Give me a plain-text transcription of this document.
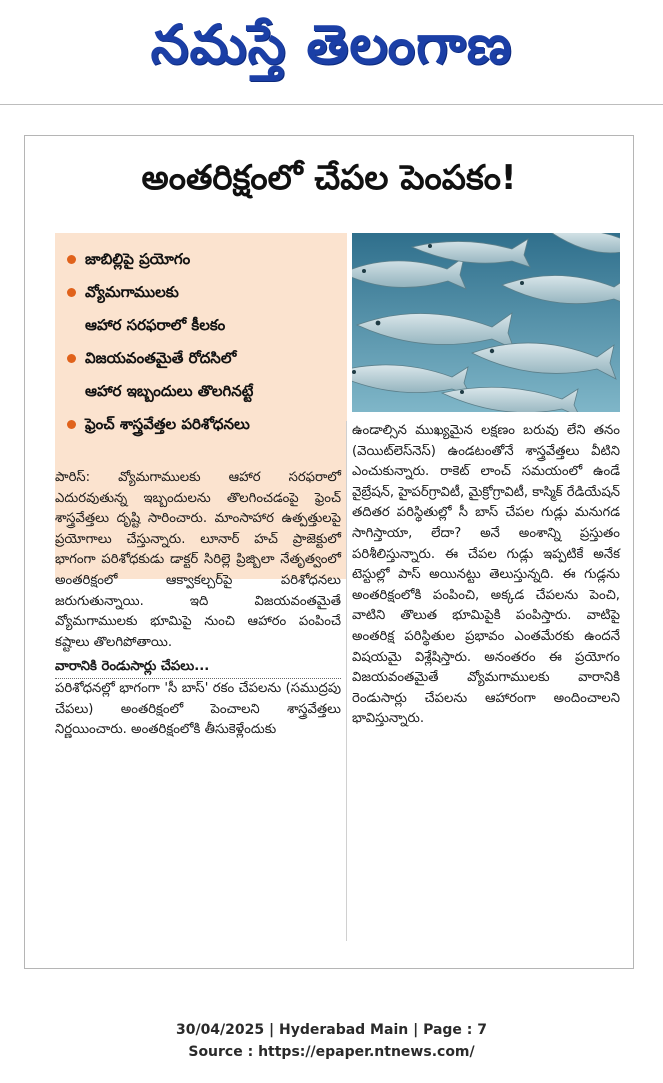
నమస్తే తెలంగాణ
అంతరిక్షంలో చేపల పెంపకం!
జాబిల్లిపై ప్రయోగం
వ్యోమగాములకు
ఆహార సరఫరాలో కీలకం
విజయవంతమైతే రోదసిలో
ఆహార ఇబ్బందులు తొలగినట్టే
ఫ్రెంచ్ శాస్త్రవేత్తల పరిశోధనలు

పారిస్: వ్యోమగాములకు ఆహార సరఫరాలో ఎదురవుతున్న ఇబ్బందులను తొలగించడంపై ఫ్రెంచ్ శాస్త్రవేత్తలు దృష్టి సారించారు. మాంసాహార ఉత్పత్తులపై ప్రయోగాలు చేస్తున్నారు. లూనార్ హచ్ ప్రాజెక్టులో భాగంగా పరిశోధకుడు డాక్టర్ సిరిల్లె ప్రిజ్బిలా నేతృత్వంలో అంతరిక్షంలో ఆక్వాకల్చర్‌పై పరిశోధనలు జరుగుతున్నాయి. ఇది విజయవంతమైతే వ్యోమగాములకు భూమిపై నుంచి ఆహారం పంపించే కష్టాలు తొలగిపోతాయి.

వారానికి రెండుసార్లు చేపలు...

పరిశోధనల్లో భాగంగా 'సీ బాస్' రకం చేపలను (సముద్రపు చేపలు) అంతరిక్షంలో పెంచాలని శాస్త్రవేత్తలు నిర్ణయించారు. అంతరిక్షంలోకి తీసుకెళ్లేందుకు

ఉండాల్సిన ముఖ్యమైన లక్షణం బరువు లేని తనం (వెయిట్‌లెస్‌నెస్) ఉండటంతోనే శాస్త్రవేత్తలు వీటిని ఎంచుకున్నారు. రాకెట్ లాంచ్ సమయంలో ఉండే వైబ్రేషన్, హైపర్‌గ్రావిటీ, మైక్రోగ్రావిటీ, కాస్మిక్ రేడియేషన్ తదితర పరిస్థితుల్లో సీ బాస్ చేపల గుడ్లు మనుగడ సాగిస్తాయా, లేదా? అనే అంశాన్ని ప్రస్తుతం పరిశీలిస్తున్నారు. ఈ చేపల గుడ్లు ఇప్పటికే అనేక టెస్టుల్లో పాస్ అయినట్టు తెలుస్తున్నది. ఈ గుడ్లను అంతరిక్షంలోకి పంపించి, అక్కడ చేపలను పెంచి, వాటిని తొలుత భూమిపైకి పంపిస్తారు. వాటిపై అంతరిక్ష పరిస్థితుల ప్రభావం ఎంతమేరకు ఉందనే విషయమై విశ్లేషిస్తారు. అనంతరం ఈ ప్రయోగం విజయవంతమైతే వ్యోమగాములకు వారానికి రెండుసార్లు చేపలను ఆహారంగా అందించాలని భావిస్తున్నారు.

30/04/2025 | Hyderabad Main | Page : 7
Source : https://epaper.ntnews.com/
